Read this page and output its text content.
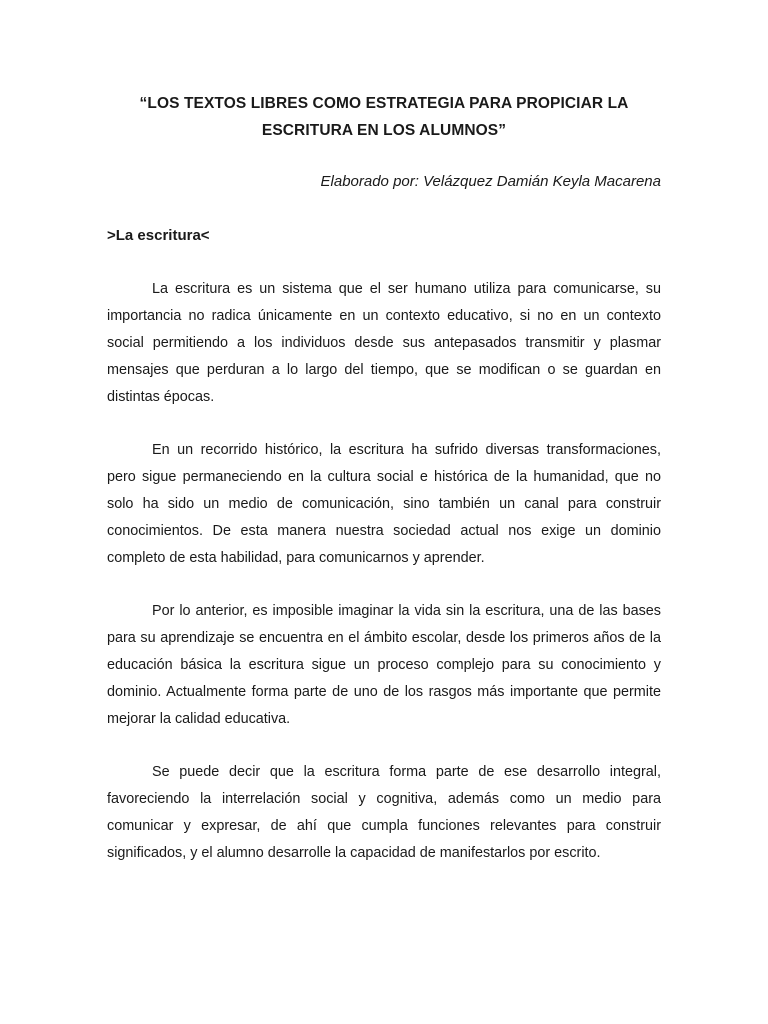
“LOS TEXTOS LIBRES COMO ESTRATEGIA PARA PROPICIAR LA
ESCRITURA EN LOS ALUMNOS”

Elaborado por: Velázquez Damián Keyla Macarena

>La escritura<

La escritura es un sistema que el ser humano utiliza para comunicarse, su importancia no radica únicamente en un contexto educativo, si no en un contexto social permitiendo a los individuos desde sus antepasados transmitir y plasmar mensajes que perduran a lo largo del tiempo, que se modifican o se guardan en distintas épocas.

En un recorrido histórico, la escritura ha sufrido diversas transformaciones, pero sigue permaneciendo en la cultura social e histórica de la humanidad, que no solo ha sido un medio de comunicación, sino también un canal para construir conocimientos. De esta manera nuestra sociedad actual nos exige un dominio completo de esta habilidad, para comunicarnos y aprender.

Por lo anterior, es imposible imaginar la vida sin la escritura, una de las bases para su aprendizaje se encuentra en el ámbito escolar, desde los primeros años de la educación básica la escritura sigue un proceso complejo para su conocimiento y dominio. Actualmente forma parte de uno de los rasgos más importante que permite mejorar la calidad educativa.

Se puede decir que la escritura forma parte de ese desarrollo integral, favoreciendo la interrelación social y cognitiva, además como un medio para comunicar y expresar, de ahí que cumpla funciones relevantes para construir significados, y el alumno desarrolle la capacidad de manifestarlos por escrito.
